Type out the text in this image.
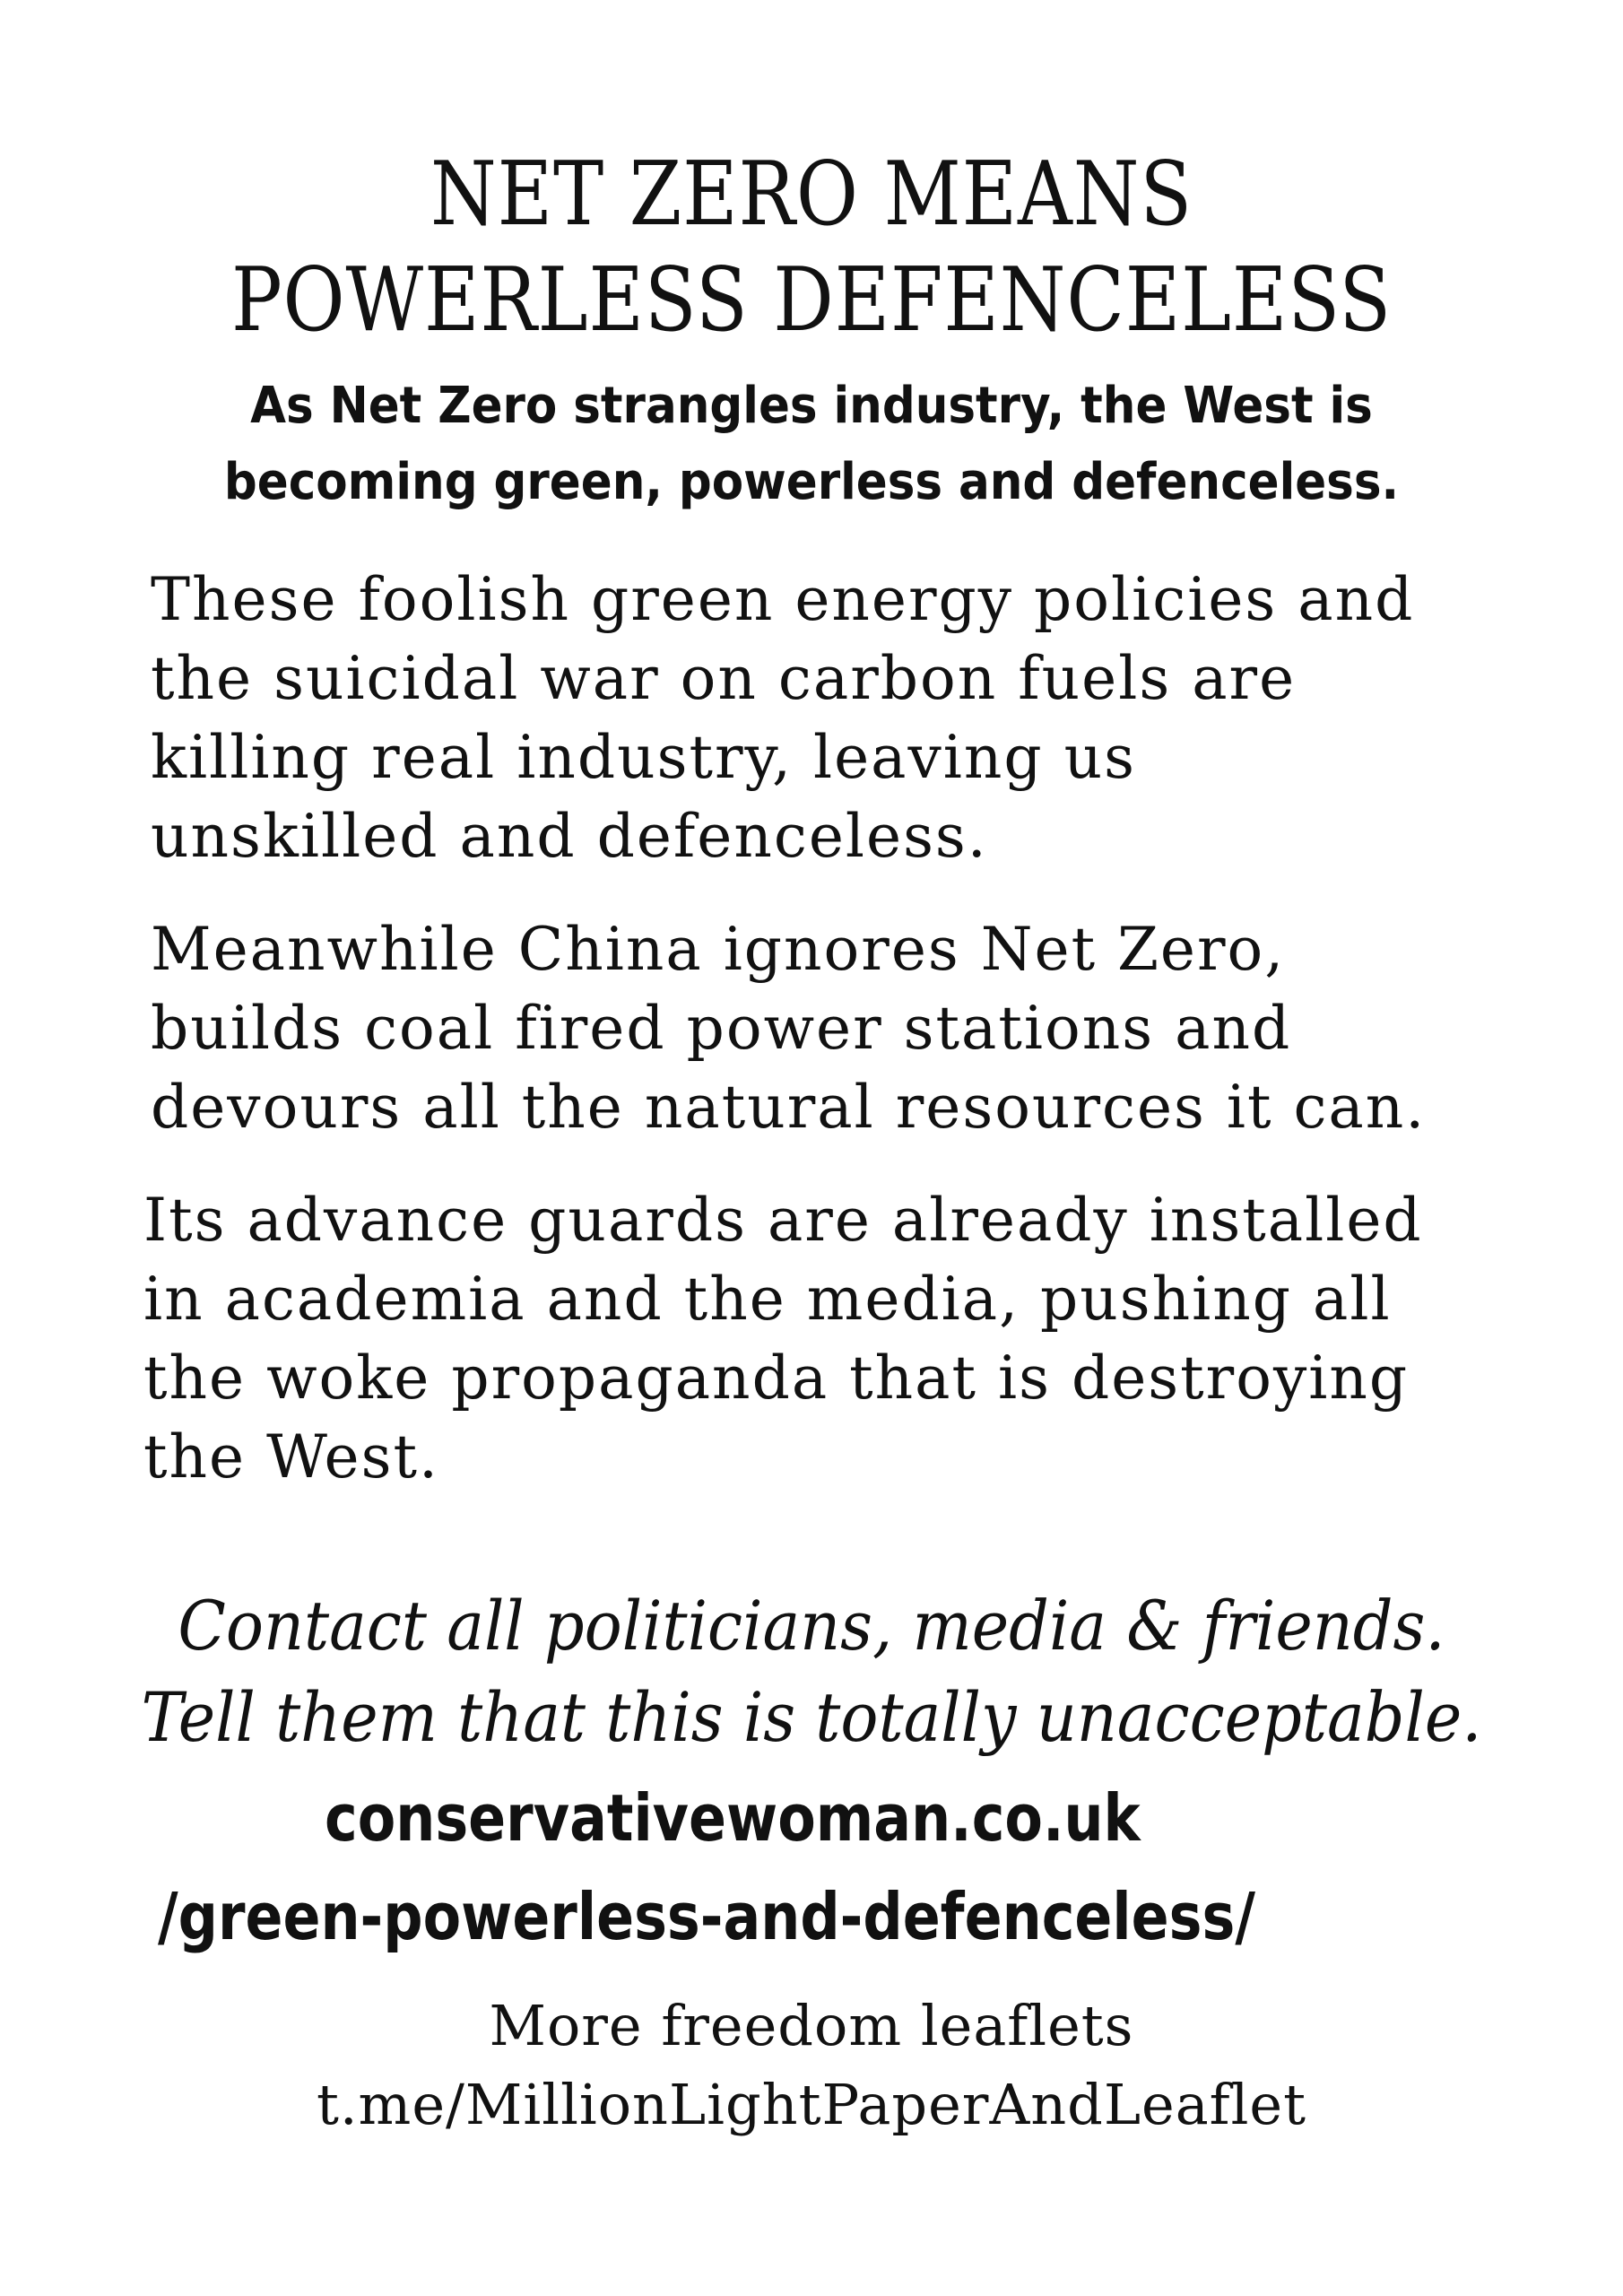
NET ZERO MEANS
POWERLESS DEFENCELESS
As Net Zero strangles industry, the West is
becoming green, powerless and defenceless.
These foolish green energy policies and
the suicidal war on carbon fuels are
killing real industry, leaving us
unskilled and defenceless.
Meanwhile China ignores Net Zero,
builds coal fired power stations and
devours all the natural resources it can.
Its advance guards are already installed
in academia and the media, pushing all
the woke propaganda that is destroying
the West.
Contact all politicians, media & friends.
Tell them that this is totally unacceptable.
conservativewoman.co.uk
/green-powerless-and-defenceless/
More freedom leaflets
t.me/MillionLightPaperAndLeaflet
